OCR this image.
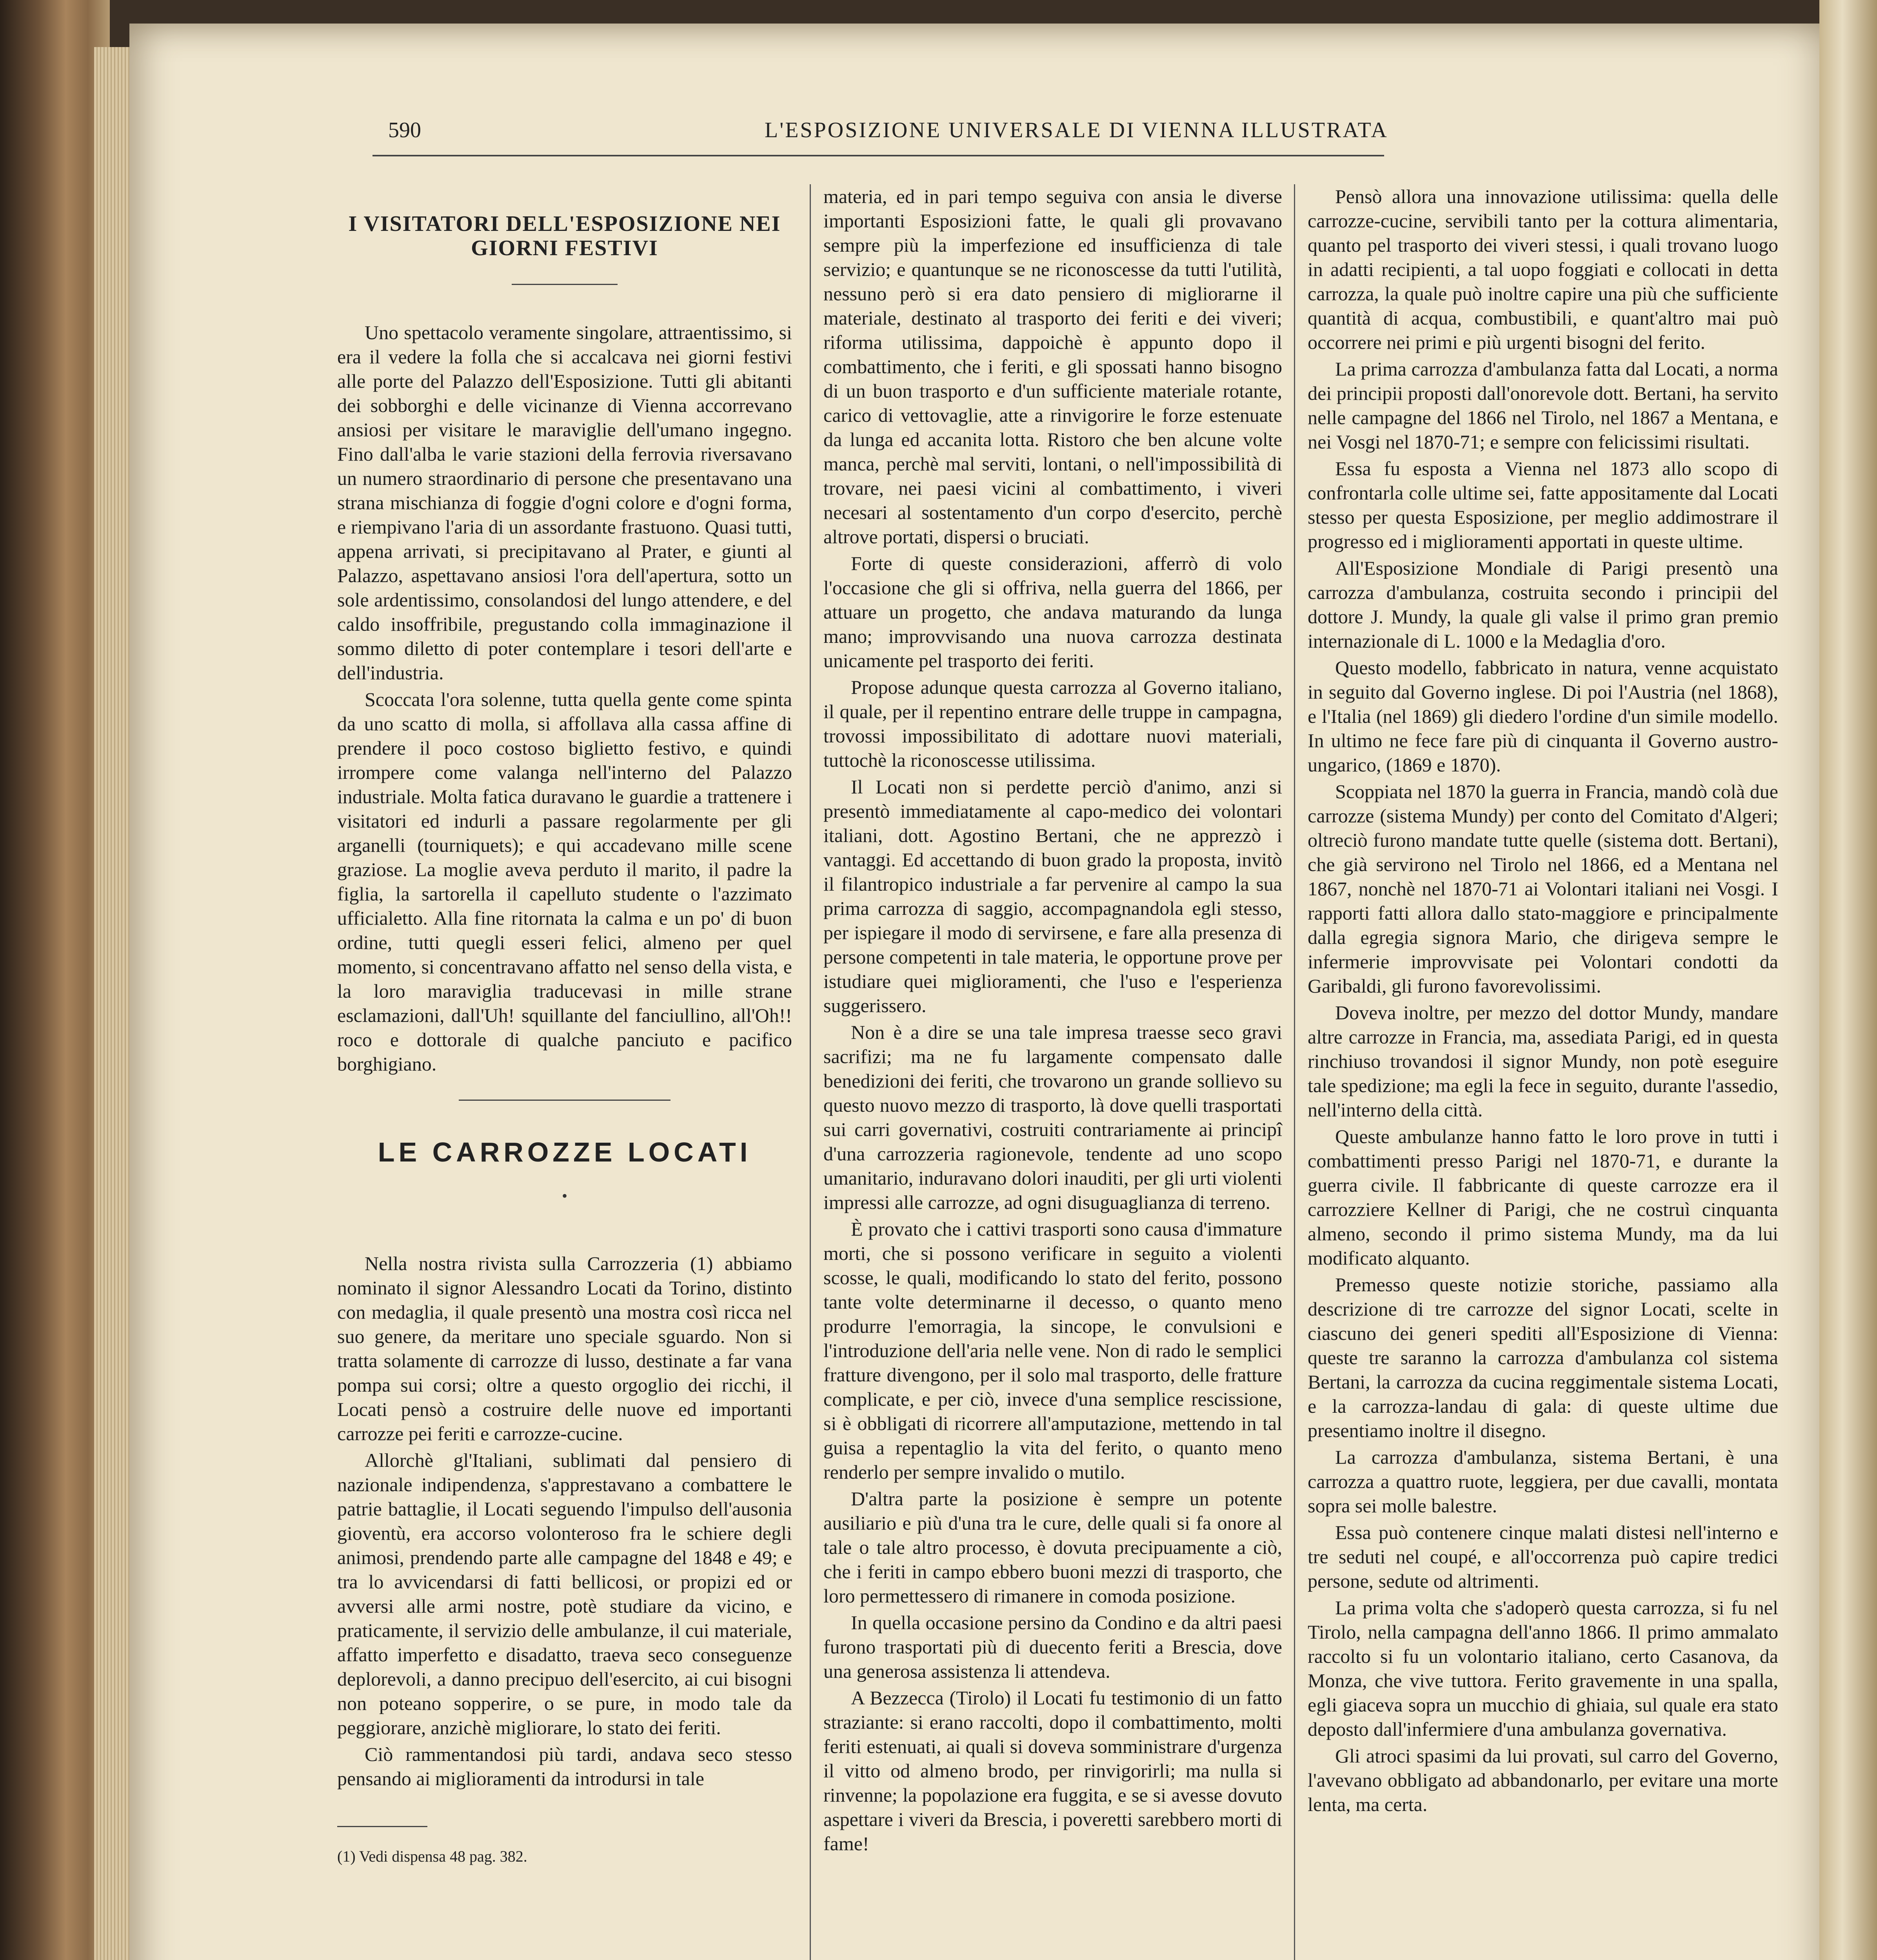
590	L'ESPOSIZIONE UNIVERSALE DI VIENNA ILLUSTRATA
I VISITATORI DELL'ESPOSIZIONE NEI GIORNI FESTIVI

Uno spettacolo veramente singolare, attraentissimo, si era il vedere la folla che si accalcava nei giorni festivi alle porte del Palazzo dell'Esposizione. Tutti gli abitanti dei sobborghi e delle vicinanze di Vienna accorrevano ansiosi per visitare le maraviglie dell'umano ingegno. Fino dall'alba le varie stazioni della ferrovia riversavano un numero straordinario di persone che presentavano una strana mischianza di foggie d'ogni colore e d'ogni forma, e riempivano l'aria di un assordante frastuono. Quasi tutti, appena arrivati, si precipitavano al Prater, e giunti al Palazzo, aspettavano ansiosi l'ora dell'apertura, sotto un sole ardentissimo, consolandosi del lungo attendere, e del caldo insoffribile, pregustando colla immaginazione il sommo diletto di poter contemplare i tesori dell'arte e dell'industria.

Scoccata l'ora solenne, tutta quella gente come spinta da uno scatto di molla, si affollava alla cassa affine di prendere il poco costoso biglietto festivo, e quindi irrompere come valanga nell'interno del Palazzo industriale. Molta fatica duravano le guardie a trattenere i visitatori ed indurli a passare regolarmente per gli arganelli (tourniquets); e qui accadevano mille scene graziose. La moglie aveva perduto il marito, il padre la figlia, la sartorella il capelluto studente o l'azzimato ufficialetto. Alla fine ritornata la calma e un po' di buon ordine, tutti quegli esseri felici, almeno per quel momento, si concentravano affatto nel senso della vista, e la loro maraviglia traducevasi in mille strane esclamazioni, dall'Uh! squillante del fanciullino, all'Oh!! roco e dottorale di qualche panciuto e pacifico borghigiano.

LE CARROZZE LOCATI
•

Nella nostra rivista sulla Carrozzeria (1) abbiamo nominato il signor Alessandro Locati da Torino, distinto con medaglia, il quale presentò una mostra così ricca nel suo genere, da meritare uno speciale sguardo. Non si tratta solamente di carrozze di lusso, destinate a far vana pompa sui corsi; oltre a questo orgoglio dei ricchi, il Locati pensò a costruire delle nuove ed importanti carrozze pei feriti e carrozze-cucine.

Allorchè gl'Italiani, sublimati dal pensiero di nazionale indipendenza, s'apprestavano a combattere le patrie battaglie, il Locati seguendo l'impulso dell'ausonia gioventù, era accorso volonteroso fra le schiere degli animosi, prendendo parte alle campagne del 1848 e 49; e tra lo avvicendarsi di fatti bellicosi, or propizi ed or avversi alle armi nostre, potè studiare da vicino, e praticamente, il servizio delle ambulanze, il cui materiale, affatto imperfetto e disadatto, traeva seco conseguenze deplorevoli, a danno precipuo dell'esercito, ai cui bisogni non poteano sopperire, o se pure, in modo tale da peggiorare, anzichè migliorare, lo stato dei feriti.

Ciò rammentandosi più tardi, andava seco stesso pensando ai miglioramenti da introdursi in tale

(1) Vedi dispensa 48 pag. 382.

materia, ed in pari tempo seguiva con ansia le diverse importanti Esposizioni fatte, le quali gli provavano sempre più la imperfezione ed insufficienza di tale servizio; e quantunque se ne riconoscesse da tutti l'utilità, nessuno però si era dato pensiero di migliorarne il materiale, destinato al trasporto dei feriti e dei viveri; riforma utilissima, dappoichè è appunto dopo il combattimento, che i feriti, e gli spossati hanno bisogno di un buon trasporto e d'un sufficiente materiale rotante, carico di vettovaglie, atte a rinvigorire le forze estenuate da lunga ed accanita lotta. Ristoro che ben alcune volte manca, perchè mal serviti, lontani, o nell'impossibilità di trovare, nei paesi vicini al combattimento, i viveri necesari al sostentamento d'un corpo d'esercito, perchè altrove portati, dispersi o bruciati.

Forte di queste considerazioni, afferrò di volo l'occasione che gli si offriva, nella guerra del 1866, per attuare un progetto, che andava maturando da lunga mano; improvvisando una nuova carrozza destinata unicamente pel trasporto dei feriti.

Propose adunque questa carrozza al Governo italiano, il quale, per il repentino entrare delle truppe in campagna, trovossi impossibilitato di adottare nuovi materiali, tuttochè la riconoscesse utilissima.

Il Locati non si perdette perciò d'animo, anzi si presentò immediatamente al capo-medico dei volontari italiani, dott. Agostino Bertani, che ne apprezzò i vantaggi. Ed accettando di buon grado la proposta, invitò il filantropico industriale a far pervenire al campo la sua prima carrozza di saggio, accompagnandola egli stesso, per ispiegare il modo di servirsene, e fare alla presenza di persone competenti in tale materia, le opportune prove per istudiare quei miglioramenti, che l'uso e l'esperienza suggerissero.

Non è a dire se una tale impresa traesse seco gravi sacrifizi; ma ne fu largamente compensato dalle benedizioni dei feriti, che trovarono un grande sollievo su questo nuovo mezzo di trasporto, là dove quelli trasportati sui carri governativi, costruiti contrariamente ai principî d'una carrozzeria ragionevole, tendente ad uno scopo umanitario, induravano dolori inauditi, per gli urti violenti impressi alle carrozze, ad ogni disuguaglianza di terreno.

È provato che i cattivi trasporti sono causa d'immature morti, che si possono verificare in seguito a violenti scosse, le quali, modificando lo stato del ferito, possono tante volte determinarne il decesso, o quanto meno produrre l'emorragia, la sincope, le convulsioni e l'introduzione dell'aria nelle vene. Non di rado le semplici fratture divengono, per il solo mal trasporto, delle fratture complicate, e per ciò, invece d'una semplice rescissione, si è obbligati di ricorrere all'amputazione, mettendo in tal guisa a repentaglio la vita del ferito, o quanto meno renderlo per sempre invalido o mutilo.

D'altra parte la posizione è sempre un potente ausiliario e più d'una tra le cure, delle quali si fa onore al tale o tale altro processo, è dovuta precipuamente a ciò, che i feriti in campo ebbero buoni mezzi di trasporto, che loro permettessero di rimanere in comoda posizione.

In quella occasione persino da Condino e da altri paesi furono trasportati più di duecento feriti a Brescia, dove una generosa assistenza li attendeva.

A Bezzecca (Tirolo) il Locati fu testimonio di un fatto straziante: si erano raccolti, dopo il combattimento, molti feriti estenuati, ai quali si doveva somministrare d'urgenza il vitto od almeno brodo, per rinvigorirli; ma nulla si rinvenne; la popolazione era fuggita, e se si avesse dovuto aspettare i viveri da Brescia, i poveretti sarebbero morti di fame!

Pensò allora una innovazione utilissima: quella delle carrozze-cucine, servibili tanto per la cottura alimentaria, quanto pel trasporto dei viveri stessi, i quali trovano luogo in adatti recipienti, a tal uopo foggiati e collocati in detta carrozza, la quale può inoltre capire una più che sufficiente quantità di acqua, combustibili, e quant'altro mai può occorrere nei primi e più urgenti bisogni del ferito.

La prima carrozza d'ambulanza fatta dal Locati, a norma dei principii proposti dall'onorevole dott. Bertani, ha servito nelle campagne del 1866 nel Tirolo, nel 1867 a Mentana, e nei Vosgi nel 1870-71; e sempre con felicissimi risultati.

Essa fu esposta a Vienna nel 1873 allo scopo di confrontarla colle ultime sei, fatte appositamente dal Locati stesso per questa Esposizione, per meglio addimostrare il progresso ed i miglioramenti apportati in queste ultime.

All'Esposizione Mondiale di Parigi presentò una carrozza d'ambulanza, costruita secondo i principii del dottore J. Mundy, la quale gli valse il primo gran premio internazionale di L. 1000 e la Medaglia d'oro.

Questo modello, fabbricato in natura, venne acquistato in seguito dal Governo inglese. Di poi l'Austria (nel 1868), e l'Italia (nel 1869) gli diedero l'ordine d'un simile modello. In ultimo ne fece fare più di cinquanta il Governo austro-ungarico, (1869 e 1870).

Scoppiata nel 1870 la guerra in Francia, mandò colà due carrozze (sistema Mundy) per conto del Comitato d'Algeri; oltreciò furono mandate tutte quelle (sistema dott. Bertani), che già servirono nel Tirolo nel 1866, ed a Mentana nel 1867, nonchè nel 1870-71 ai Volontari italiani nei Vosgi. I rapporti fatti allora dallo stato-maggiore e principalmente dalla egregia signora Mario, che dirigeva sempre le infermerie improvvisate pei Volontari condotti da Garibaldi, gli furono favorevolissimi.

Doveva inoltre, per mezzo del dottor Mundy, mandare altre carrozze in Francia, ma, assediata Parigi, ed in questa rinchiuso trovandosi il signor Mundy, non potè eseguire tale spedizione; ma egli la fece in seguito, durante l'assedio, nell'interno della città.

Queste ambulanze hanno fatto le loro prove in tutti i combattimenti presso Parigi nel 1870-71, e durante la guerra civile. Il fabbricante di queste carrozze era il carrozziere Kellner di Parigi, che ne costruì cinquanta almeno, secondo il primo sistema Mundy, ma da lui modificato alquanto.

Premesso queste notizie storiche, passiamo alla descrizione di tre carrozze del signor Locati, scelte in ciascuno dei generi spediti all'Esposizione di Vienna: queste tre saranno la carrozza d'ambulanza col sistema Bertani, la carrozza da cucina reggimentale sistema Locati, e la carrozza-landau di gala: di queste ultime due presentiamo inoltre il disegno.

La carrozza d'ambulanza, sistema Bertani, è una carrozza a quattro ruote, leggiera, per due cavalli, montata sopra sei molle balestre.

Essa può contenere cinque malati distesi nell'interno e tre seduti nel coupé, e all'occorrenza può capire tredici persone, sedute od altrimenti.

La prima volta che s'adoperò questa carrozza, si fu nel Tirolo, nella campagna dell'anno 1866. Il primo ammalato raccolto si fu un volontario italiano, certo Casanova, da Monza, che vive tuttora. Ferito gravemente in una spalla, egli giaceva sopra un mucchio di ghiaia, sul quale era stato deposto dall'infermiere d'una ambulanza governativa.

Gli atroci spasimi da lui provati, sul carro del Governo, l'avevano obbligato ad abbandonarlo, per evitare una morte lenta, ma certa.
